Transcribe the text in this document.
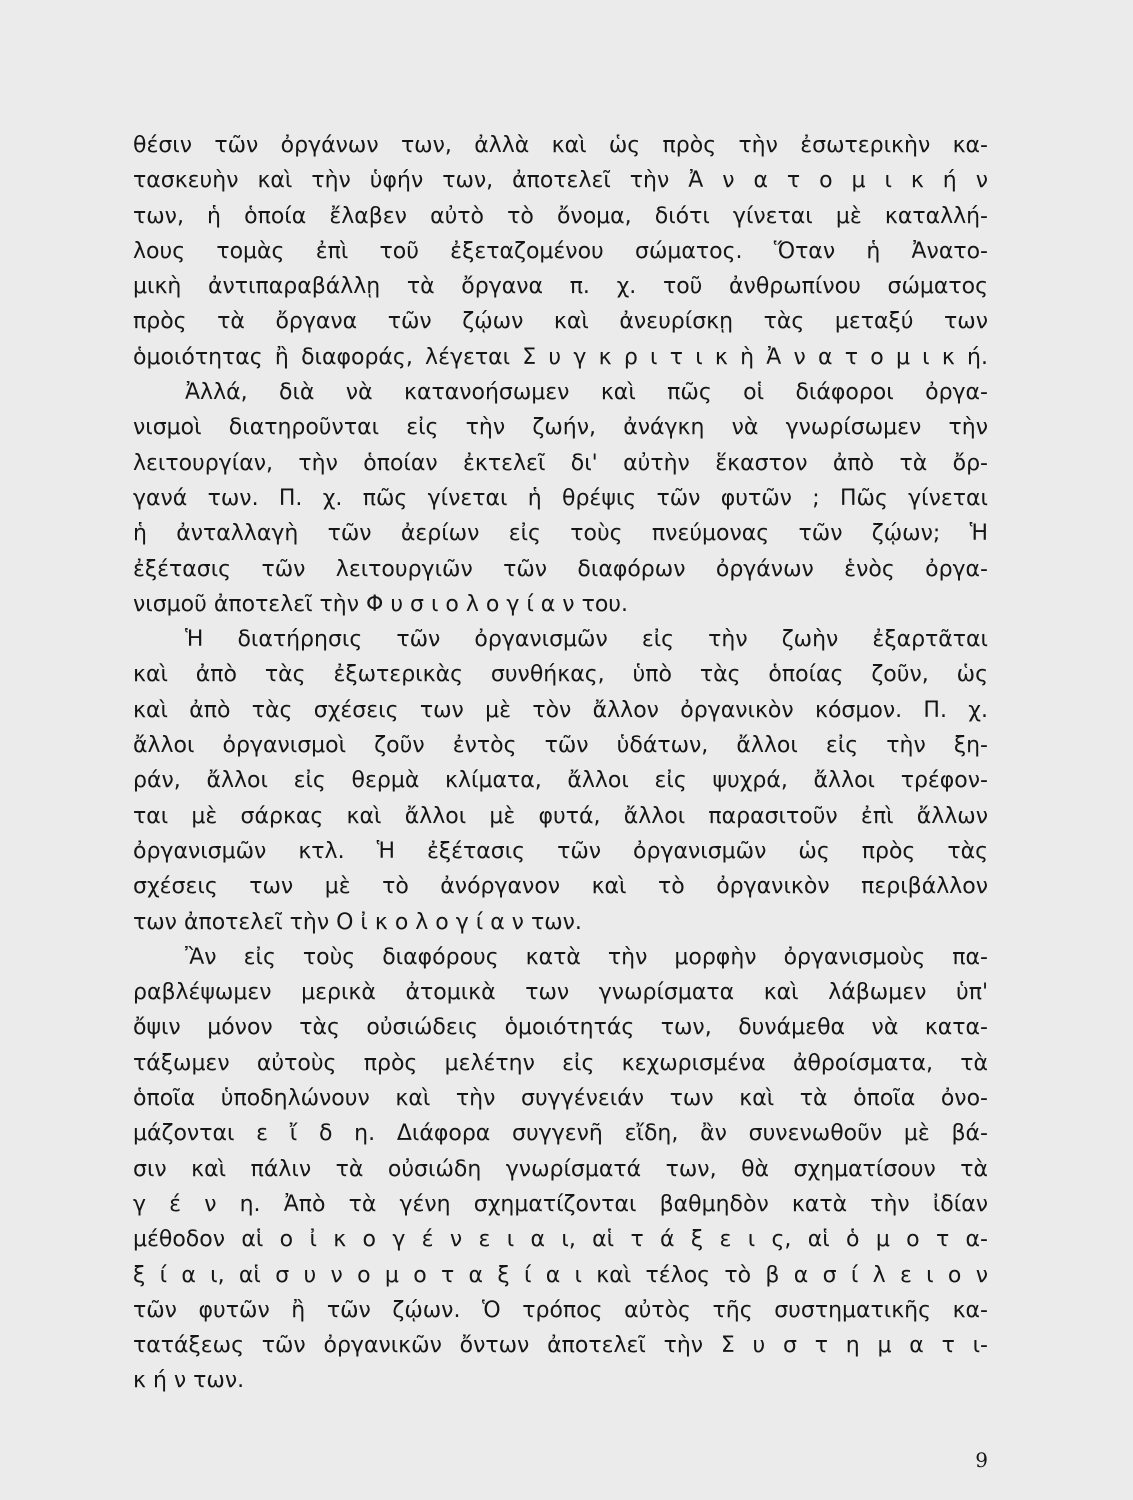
θέσιν τῶν ὀργάνων των, ἀλλὰ καὶ ὡς πρὸς τὴν ἐσωτερικὴν κα-
τασκευὴν καὶ τὴν ὑφήν των, ἀποτελεῖ τὴν Ἀ ν α τ ο μ ι κ ή ν
των, ἡ ὁποία ἔλαβεν αὐτὸ τὸ ὄνομα, διότι γίνεται μὲ καταλλή-
λους τομὰς ἐπὶ τοῦ ἐξεταζομένου σώματος. Ὅταν ἡ Ἀνατο-
μικὴ ἀντιπαραβάλλῃ τὰ ὄργανα π. χ. τοῦ ἀνθρωπίνου σώματος
πρὸς τὰ ὄργανα τῶν ζῴων καὶ ἀνευρίσκῃ τὰς μεταξύ των
ὁμοιότητας ἢ διαφοράς, λέγεται Σ υ γ κ ρ ι τ ι κ ὴ Ἀ ν α τ ο μ ι κ ή.
Ἀλλά, διὰ νὰ κατανοήσωμεν καὶ πῶς οἱ διάφοροι ὀργα-
νισμοὶ διατηροῦνται εἰς τὴν ζωήν, ἀνάγκη νὰ γνωρίσωμεν τὴν
λειτουργίαν, τὴν ὁποίαν ἐκτελεῖ δι' αὐτὴν ἕκαστον ἀπὸ τὰ ὄρ-
γανά των. Π. χ. πῶς γίνεται ἡ θρέψις τῶν φυτῶν ; Πῶς γίνεται
ἡ ἀνταλλαγὴ τῶν ἀερίων εἰς τοὺς πνεύμονας τῶν ζῴων; Ἡ
ἐξέτασις τῶν λειτουργιῶν τῶν διαφόρων ὀργάνων ἑνὸς ὀργα-
νισμοῦ ἀποτελεῖ τὴν Φ υ σ ι ο λ ο γ ί α ν του.
Ἡ διατήρησις τῶν ὀργανισμῶν εἰς τὴν ζωὴν ἐξαρτᾶται
καὶ ἀπὸ τὰς ἐξωτερικὰς συνθήκας, ὑπὸ τὰς ὁποίας ζοῦν, ὡς
καὶ ἀπὸ τὰς σχέσεις των μὲ τὸν ἄλλον ὀργανικὸν κόσμον. Π. χ.
ἄλλοι ὀργανισμοὶ ζοῦν ἐντὸς τῶν ὑδάτων, ἄλλοι εἰς τὴν ξη-
ράν, ἄλλοι εἰς θερμὰ κλίματα, ἄλλοι εἰς ψυχρά, ἄλλοι τρέφον-
ται μὲ σάρκας καὶ ἄλλοι μὲ φυτά, ἄλλοι παρασιτοῦν ἐπὶ ἄλλων
ὀργανισμῶν κτλ. Ἡ ἐξέτασις τῶν ὀργανισμῶν ὡς πρὸς τὰς
σχέσεις των μὲ τὸ ἀνόργανον καὶ τὸ ὀργανικὸν περιβάλλον
των ἀποτελεῖ τὴν Ο ἰ κ ο λ ο γ ί α ν των.
Ἂν εἰς τοὺς διαφόρους κατὰ τὴν μορφὴν ὀργανισμοὺς πα-
ραβλέψωμεν μερικὰ ἀτομικὰ των γνωρίσματα καὶ λάβωμεν ὑπ'
ὄψιν μόνον τὰς οὐσιώδεις ὁμοιότητάς των, δυνάμεθα νὰ κατα-
τάξωμεν αὐτοὺς πρὸς μελέτην εἰς κεχωρισμένα ἀθροίσματα, τὰ
ὁποῖα ὑποδηλώνουν καὶ τὴν συγγένειάν των καὶ τὰ ὁποῖα ὀνο-
μάζονται ε ἴ δ η. Διάφορα συγγενῆ εἴδη, ἂν συνενωθοῦν μὲ βά-
σιν καὶ πάλιν τὰ οὐσιώδη γνωρίσματά των, θὰ σχηματίσουν τὰ
γ έ ν η. Ἀπὸ τὰ γένη σχηματίζονται βαθμηδὸν κατὰ τὴν ἰδίαν
μέθοδον αἱ ο ἰ κ ο γ έ ν ε ι α ι, αἱ τ ά ξ ε ι ς, αἱ ὁ μ ο τ α-
ξ ί α ι, αἱ σ υ ν ο μ ο τ α ξ ί α ι καὶ τέλος τὸ β α σ ί λ ε ι ο ν
τῶν φυτῶν ἢ τῶν ζῴων. Ὁ τρόπος αὐτὸς τῆς συστηματικῆς κα-
τατάξεως τῶν ὀργανικῶν ὄντων ἀποτελεῖ τὴν Σ υ σ τ η μ α τ ι-
κ ή ν των.
9
